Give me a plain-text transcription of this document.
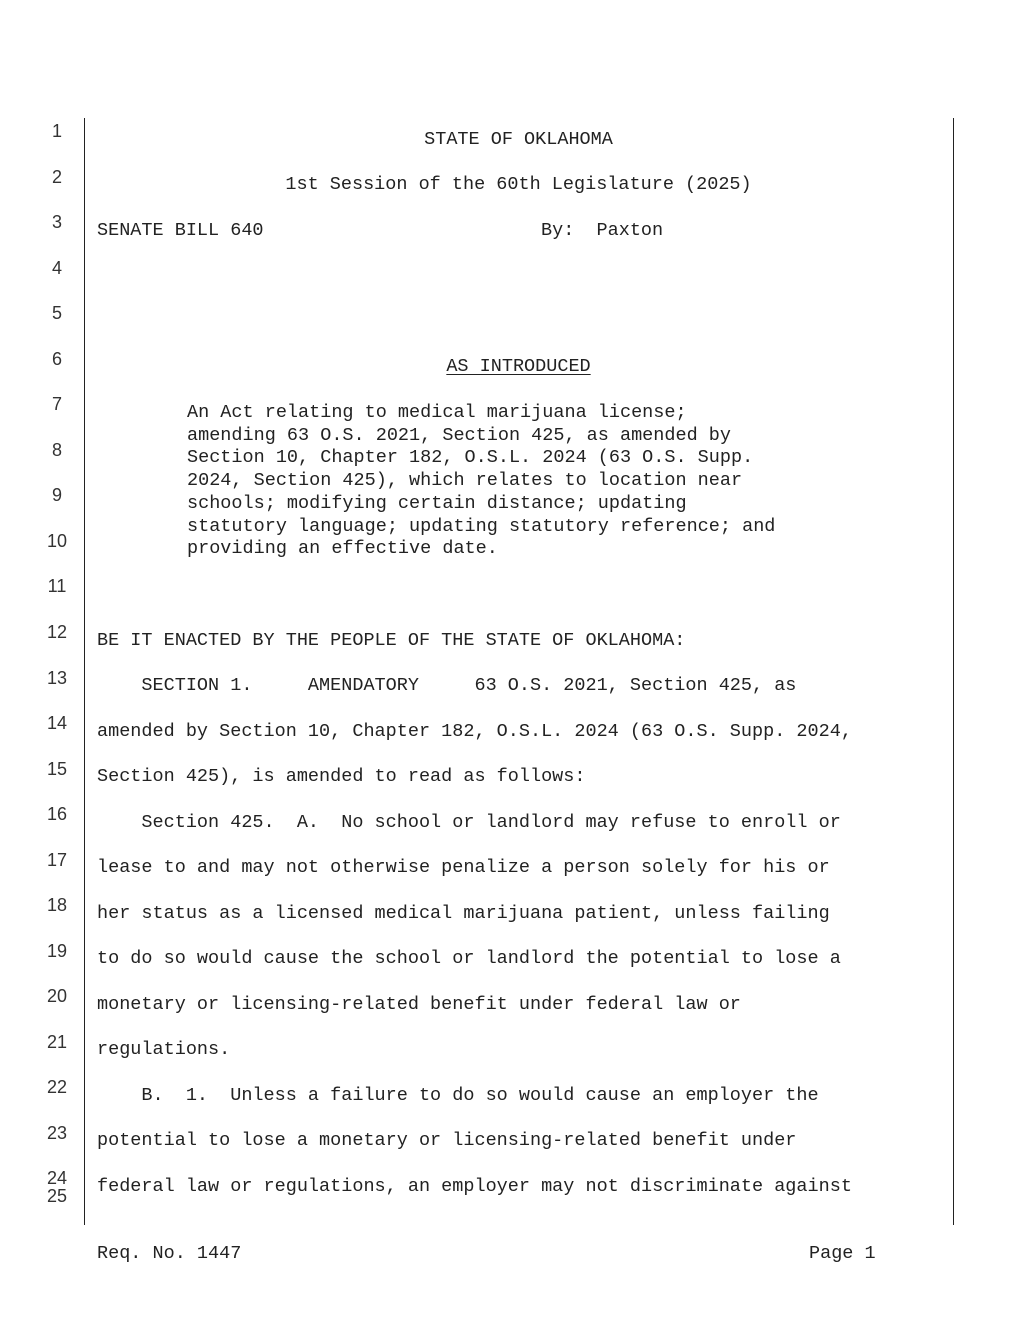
1
2
3
4
5
6
7
8
9
10
11
12
13
14
15
16
17
18
19
20
21
22
23
24
25
STATE OF OKLAHOMA
1st Session of the 60th Legislature (2025)
SENATE BILL 640	By:  Paxton
AS INTRODUCED
An Act relating to medical marijuana license;
amending 63 O.S. 2021, Section 425, as amended by
Section 10, Chapter 182, O.S.L. 2024 (63 O.S. Supp.
2024, Section 425), which relates to location near
schools; modifying certain distance; updating
statutory language; updating statutory reference; and
providing an effective date.
BE IT ENACTED BY THE PEOPLE OF THE STATE OF OKLAHOMA:
SECTION 1.     AMENDATORY     63 O.S. 2021, Section 425, as
amended by Section 10, Chapter 182, O.S.L. 2024 (63 O.S. Supp. 2024,
Section 425), is amended to read as follows:
Section 425.  A.  No school or landlord may refuse to enroll or
lease to and may not otherwise penalize a person solely for his or
her status as a licensed medical marijuana patient, unless failing
to do so would cause the school or landlord the potential to lose a
monetary or licensing-related benefit under federal law or
regulations.
B.  1.  Unless a failure to do so would cause an employer the
potential to lose a monetary or licensing-related benefit under
federal law or regulations, an employer may not discriminate against
Req. No. 1447	Page 1
